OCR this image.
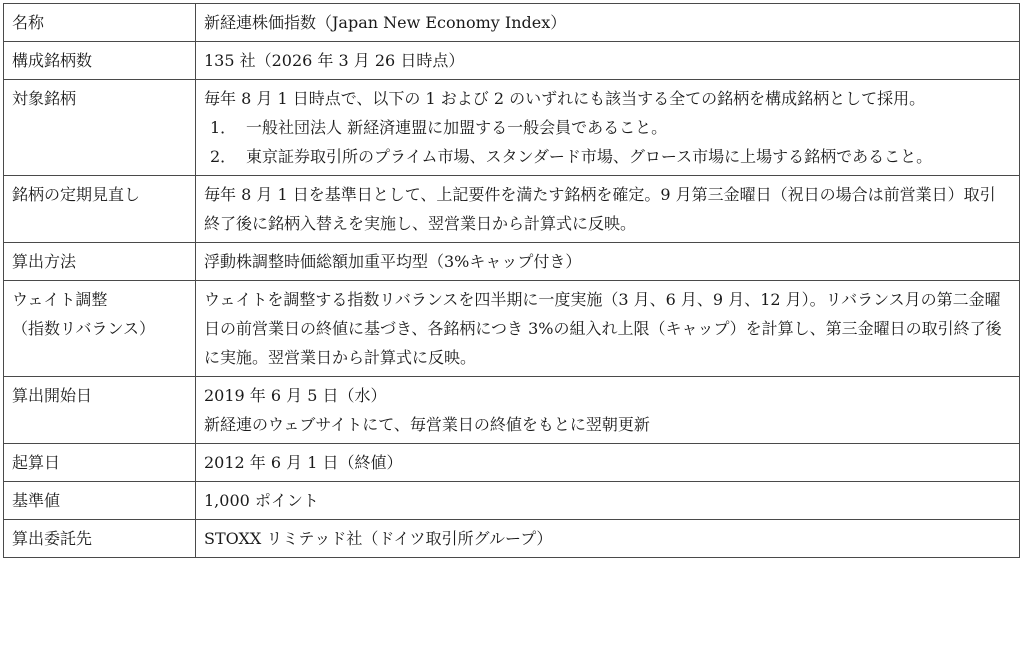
名称	新経連株価指数（Japan New Economy Index）

構成銘柄数	135 社（2026 年 3 月 26 日時点）

対象銘柄	毎年 8 月 1 日時点で、以下の 1 および 2 のいずれにも該当する全ての銘柄を構成銘柄として採用。
1． 一般社団法人 新経済連盟に加盟する一般会員であること。
2． 東京証券取引所のプライム市場、スタンダード市場、グロース市場に上場する銘柄であること。

銘柄の定期見直し	毎年 8 月 1 日を基準日として、上記要件を満たす銘柄を確定。9 月第三金曜日（祝日の場合は前営業日）取引終了後に銘柄入替えを実施し、翌営業日から計算式に反映。
算出方法	浮動株調整時価総額加重平均型（3%キャップ付き）

ウェイト調整
（指数リバランス）	ウェイトを調整する指数リバランスを四半期に一度実施（3 月、6 月、9 月、12 月）。リバランス月の第二金曜日の前営業日の終値に基づき、各銘柄につき 3%の組入れ上限（キャップ）を計算し、第三金曜日の取引終了後に実施。翌営業日から計算式に反映。
算出開始日	2019 年 6 月 5 日（水）
新経連のウェブサイトにて、毎営業日の終値をもとに翌朝更新

起算日	2012 年 6 月 1 日（終値）

基準値	1,000 ポイント

算出委託先	STOXX リミテッド社（ドイツ取引所グループ）
